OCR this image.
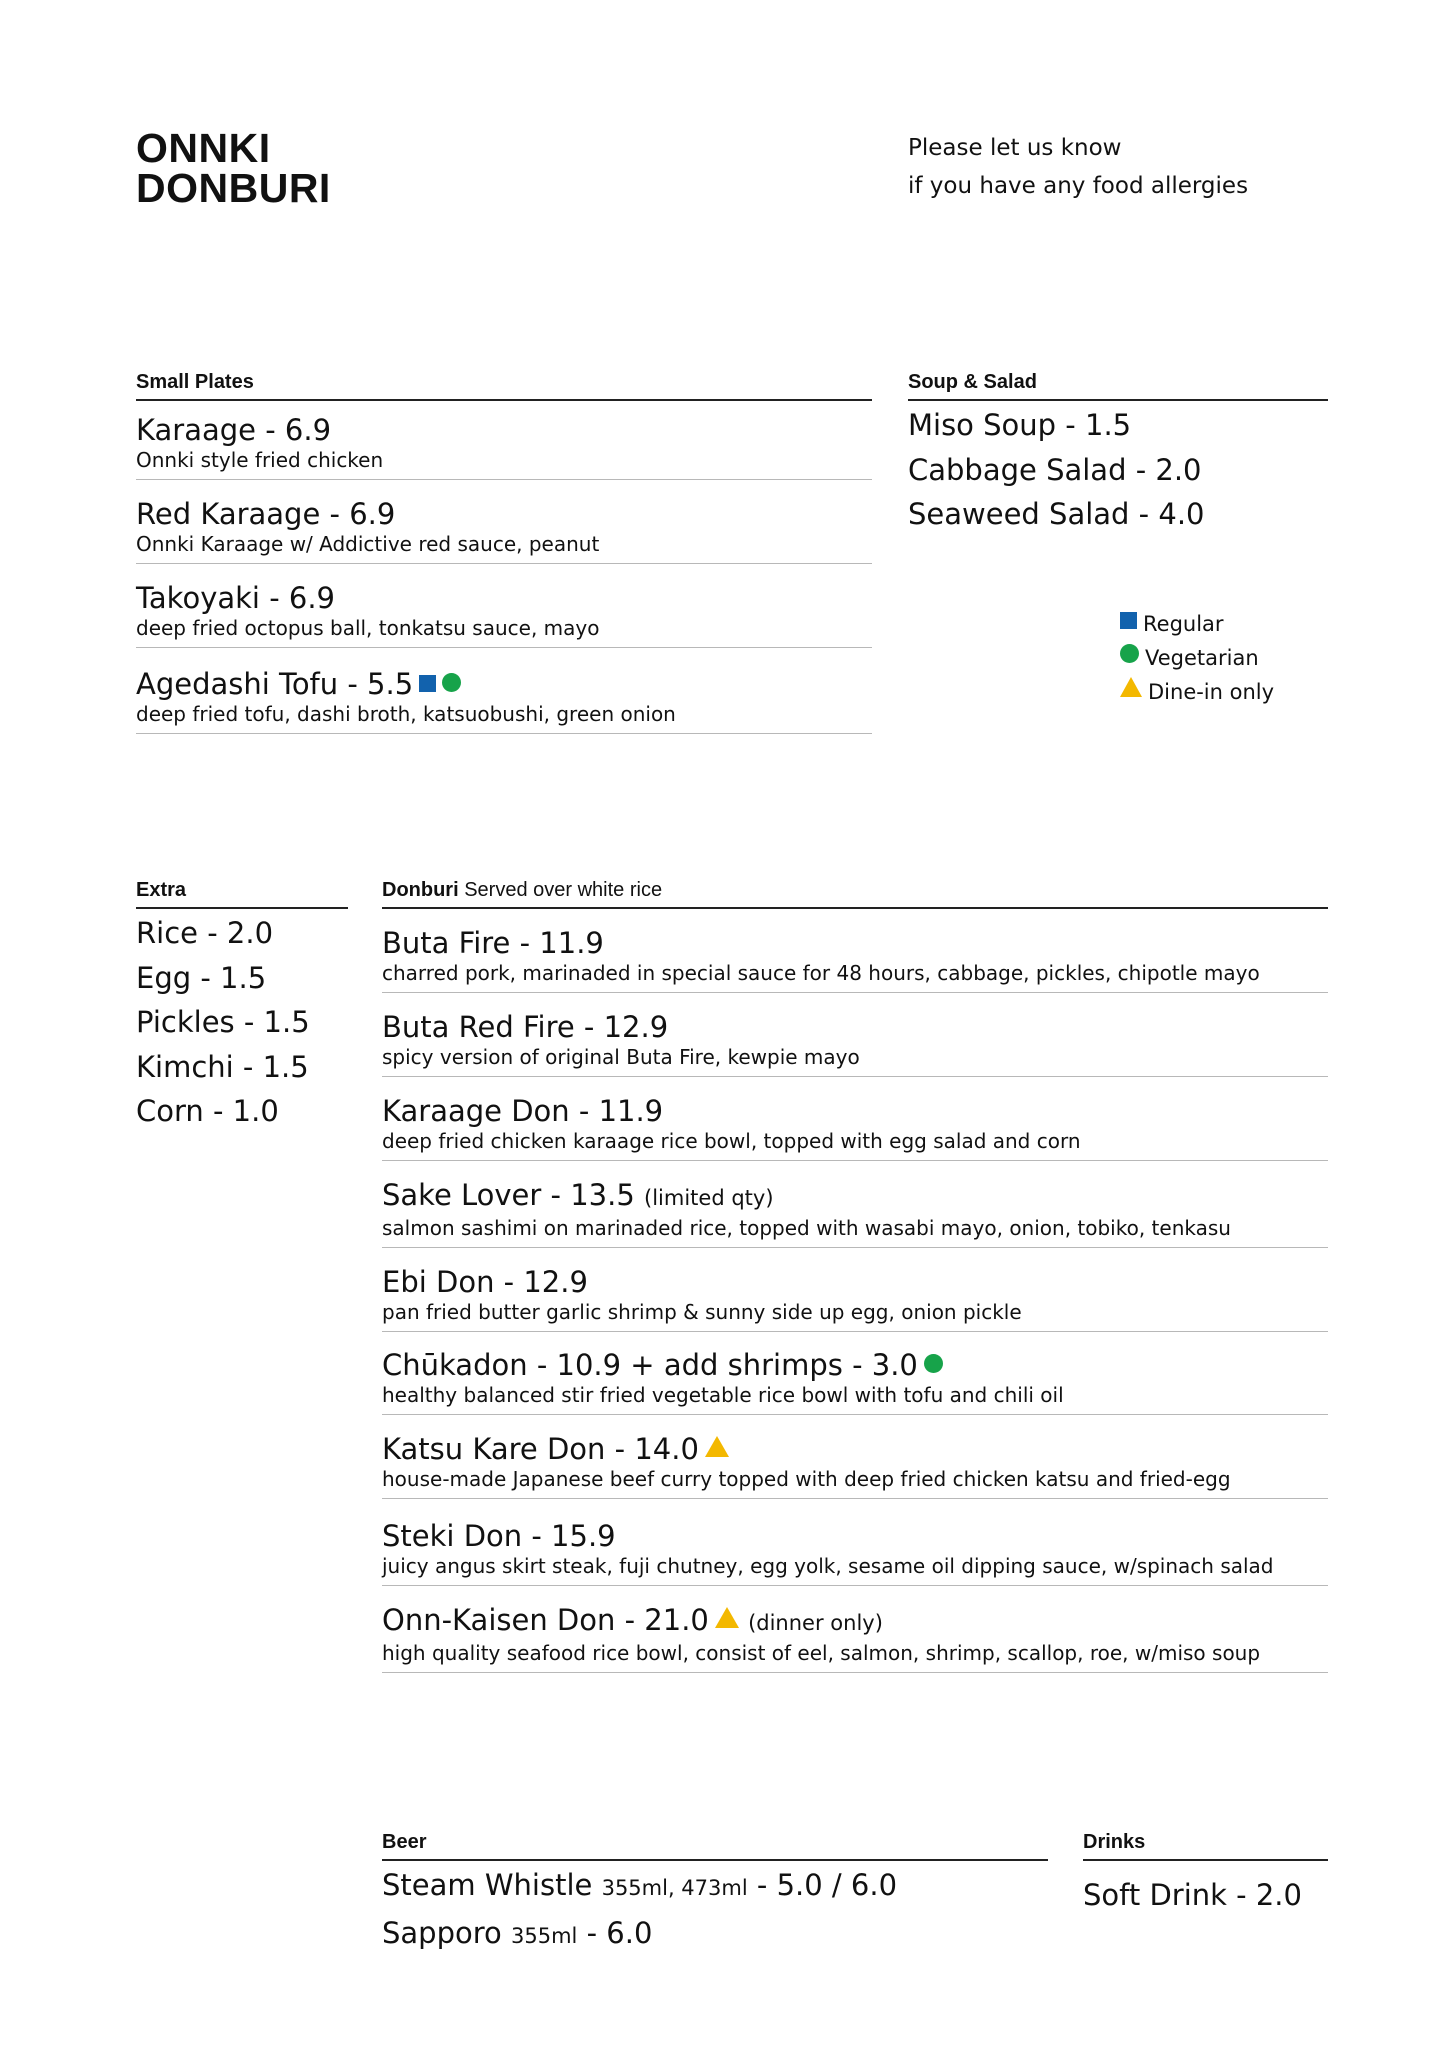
ONNKI
DONBURI
Please let us know
if you have any food allergies
Small Plates
Karaage - 6.9
Onnki style fried chicken
Red Karaage - 6.9
Onnki Karaage w/ Addictive red sauce, peanut
Takoyaki - 6.9
deep fried octopus ball, tonkatsu sauce, mayo
Agedashi Tofu - 5.5
deep fried tofu, dashi broth, katsuobushi, green onion
Soup & Salad
Miso Soup - 1.5
Cabbage Salad - 2.0
Seaweed Salad - 4.0
Regular
Vegetarian
Dine-in only
Extra
Rice - 2.0
Egg - 1.5
Pickles - 1.5
Kimchi - 1.5
Corn - 1.0
Donburi Served over white rice
Buta Fire - 11.9
charred pork, marinaded in special sauce for 48 hours, cabbage, pickles, chipotle mayo
Buta Red Fire - 12.9
spicy version of original Buta Fire, kewpie mayo
Karaage Don - 11.9
deep fried chicken karaage rice bowl, topped with egg salad and corn
Sake Lover - 13.5 (limited qty)
salmon sashimi on marinaded rice, topped with wasabi mayo, onion, tobiko, tenkasu
Ebi Don - 12.9
pan fried butter garlic shrimp & sunny side up egg, onion pickle
Chūkadon - 10.9 + add shrimps - 3.0
healthy balanced stir fried vegetable rice bowl with tofu and chili oil
Katsu Kare Don - 14.0
house-made Japanese beef curry topped with deep fried chicken katsu and fried-egg
Steki Don - 15.9
juicy angus skirt steak, fuji chutney, egg yolk, sesame oil dipping sauce, w/spinach salad
Onn-Kaisen Don - 21.0 (dinner only)
high quality seafood rice bowl, consist of eel, salmon, shrimp, scallop, roe, w/miso soup
Beer
Steam Whistle 355ml, 473ml - 5.0 / 6.0
Sapporo 355ml - 6.0
Drinks
Soft Drink - 2.0
